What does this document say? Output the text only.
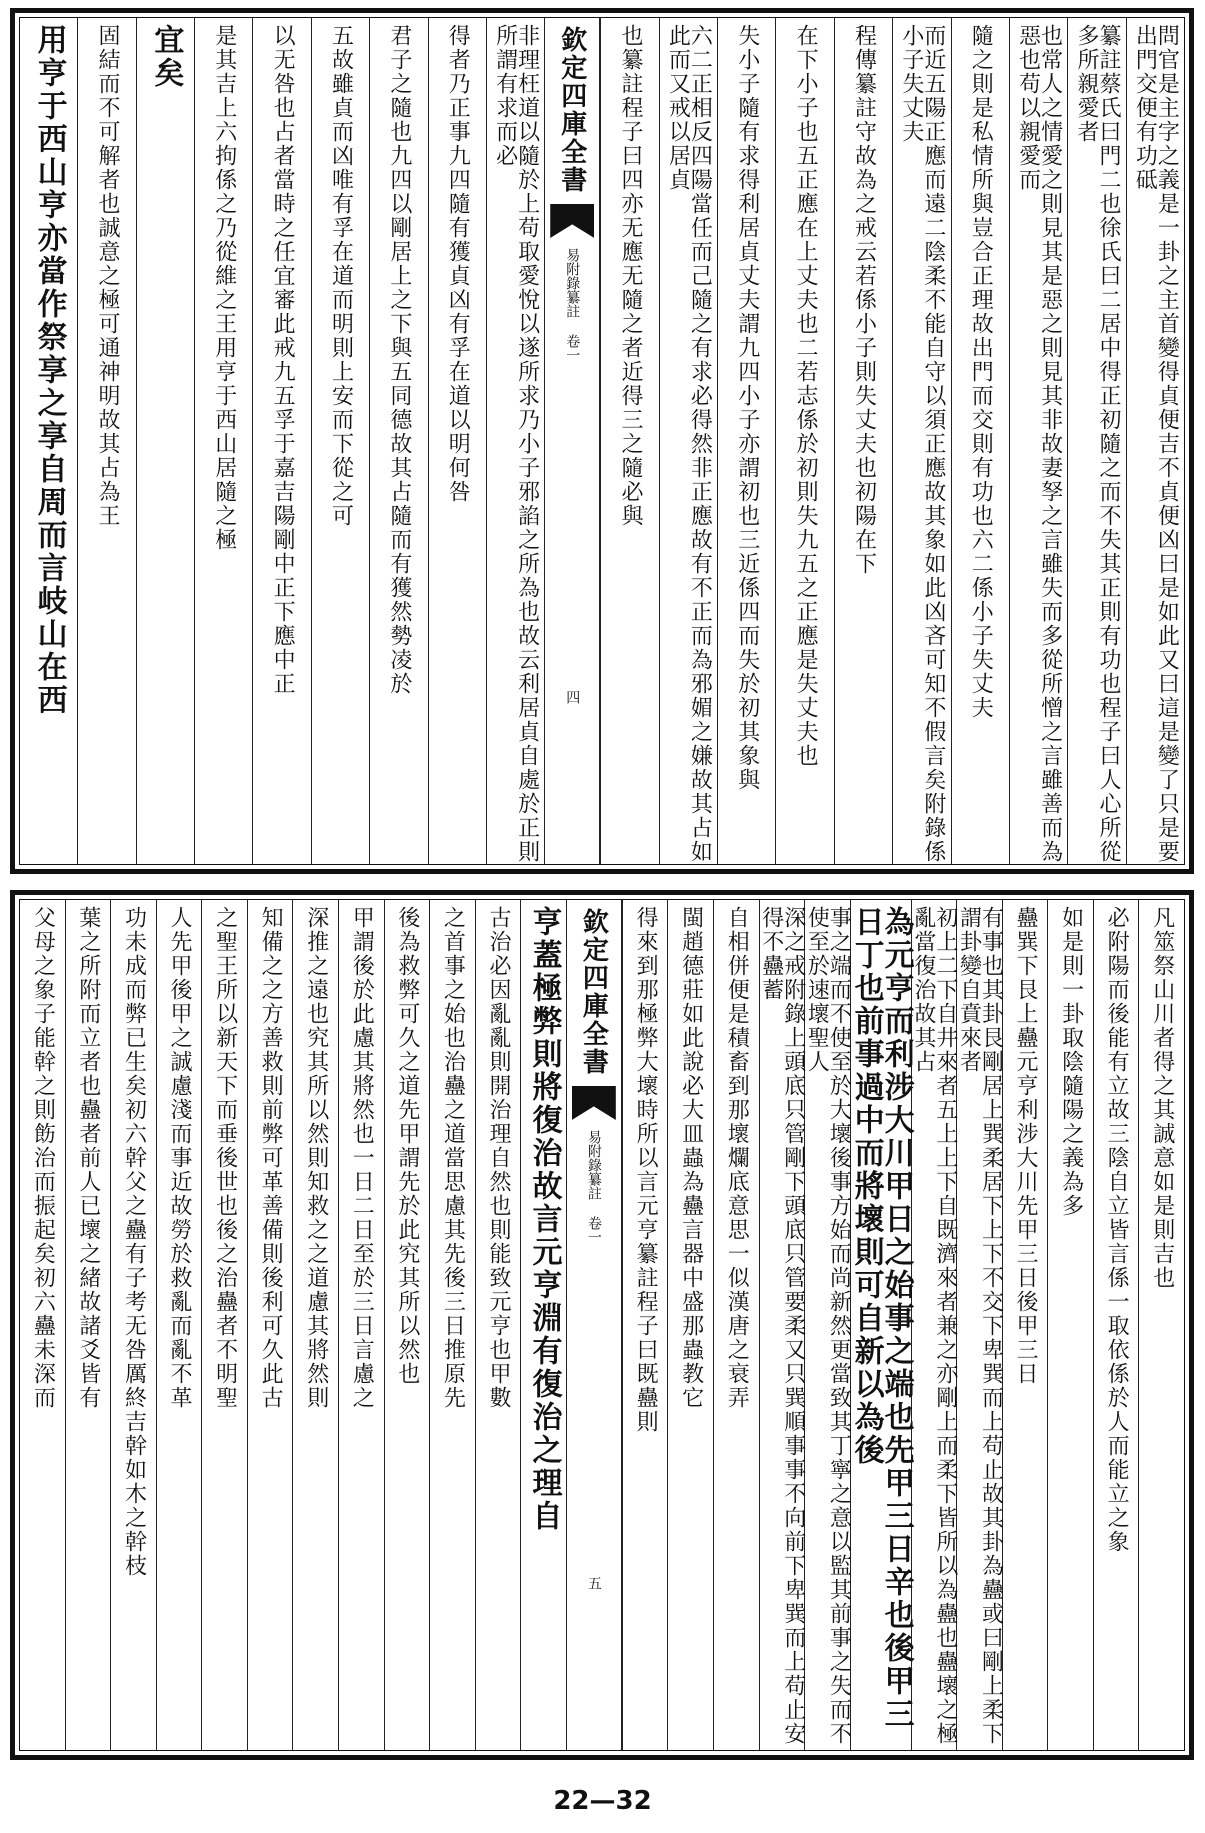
問官是主字之義是一卦之主首變得貞便吉不貞便凶曰是如此又曰這是變了只是要出門交便有功砥
纂註蔡氏曰門二也徐氏曰二居中得正初隨之而不失其正則有功也程子曰人心所從多所親愛者
也常人之情愛之則見其是惡之則見其非故妻孥之言雖失而多從所憎之言雖善而為惡也苟以親愛而
隨之則是私情所與豈合正理故出門而交則有功也六二係小子失丈夫
而近五陽正應而遠二陰柔不能自守以須正應故其象如此凶吝可知不假言矣附錄係小子失丈夫
程傳纂註守故為之戒云若係小子則失丈夫也初陽在下
在下小子也五正應在上丈夫也二若志係於初則失九五之正應是失丈夫也
失小子隨有求得利居貞丈夫謂九四小子亦謂初也三近係四而失於初其象與
六二正相反四陽當任而己隨之有求必得然非正應故有不正而為邪媚之嫌故其占如此而又戒以居貞
也纂註程子曰四亦无應无隨之者近得三之隨必與
欽定四庫全書
易附錄纂註 卷一
四
非理枉道以隨於上苟取愛悅以遂所求乃小子邪諂之所為也故云利居貞自處於正則所謂有求而必
得者乃正事九四隨有獲貞凶有孚在道以明何咎
君子之隨也九四以剛居上之下與五同德故其占隨而有獲然勢凌於
五故雖貞而凶唯有孚在道而明則上安而下從之可
以无咎也占者當時之任宜審此戒九五孚于嘉吉陽剛中正下應中正
是其吉上六拘係之乃從維之王用亨于西山居隨之極
宜矣
固結而不可解者也誠意之極可通神明故其占為王
用亨于西山亨亦當作祭享之享自周而言岐山在西
凡筮祭山川者得之其誠意如是則吉也
必附陽而後能有立故三陰自立皆言係一取依係於人而能立之象
如是則一卦取陰隨陽之義為多
蠱巽下艮上蠱元亨利涉大川先甲三日後甲三日
有事也其卦艮剛居上巽柔居下上下不交下卑巽而上苟止故其卦為蠱或曰剛上柔下謂卦變自賁來者
初上二下自井來者五上上下自既濟來者兼之亦剛上而柔下皆所以為蠱也蠱壞之極亂當復治故其占
為元亨而利涉大川甲日之始事之端也先甲三日辛也後甲三日丁也前事過中而將壞則可自新以為後
事之端而不使至於大壞後事方始而尚新然更當致其丁寧之意以監其前事之失而不使至於速壞聖人
深之戒附錄上頭底只管剛下頭底只管要柔又只巽順事事不向前下卑巽而上苟止安得不蠱蓄
自相併便是積畜到那壞爛底意思一似漢唐之衰弄
閩趙德莊如此說必大皿蟲為蠱言器中盛那蟲教它
得來到那極弊大壞時所以言元亨纂註程子曰既蠱則
欽定四庫全書
易附錄纂註 卷一
五
亨蓋極弊則將復治故言元亨淵有復治之理自
古治必因亂亂則開治理自然也則能致元亨也甲數
之首事之始也治蠱之道當思慮其先後三日推原先
後為救弊可久之道先甲謂先於此究其所以然也
甲謂後於此慮其將然也一日二日至於三日言慮之
深推之遠也究其所以然則知救之之道慮其將然則
知備之之方善救則前弊可革善備則後利可久此古
之聖王所以新天下而垂後世也後之治蠱者不明聖
人先甲後甲之誠慮淺而事近故勞於救亂而亂不革
功未成而弊已生矣初六幹父之蠱有子考无咎厲終吉幹如木之幹枝
葉之所附而立者也蠱者前人已壞之緒故諸爻皆有
父母之象子能幹之則飭治而振起矣初六蠱未深而
22—32
